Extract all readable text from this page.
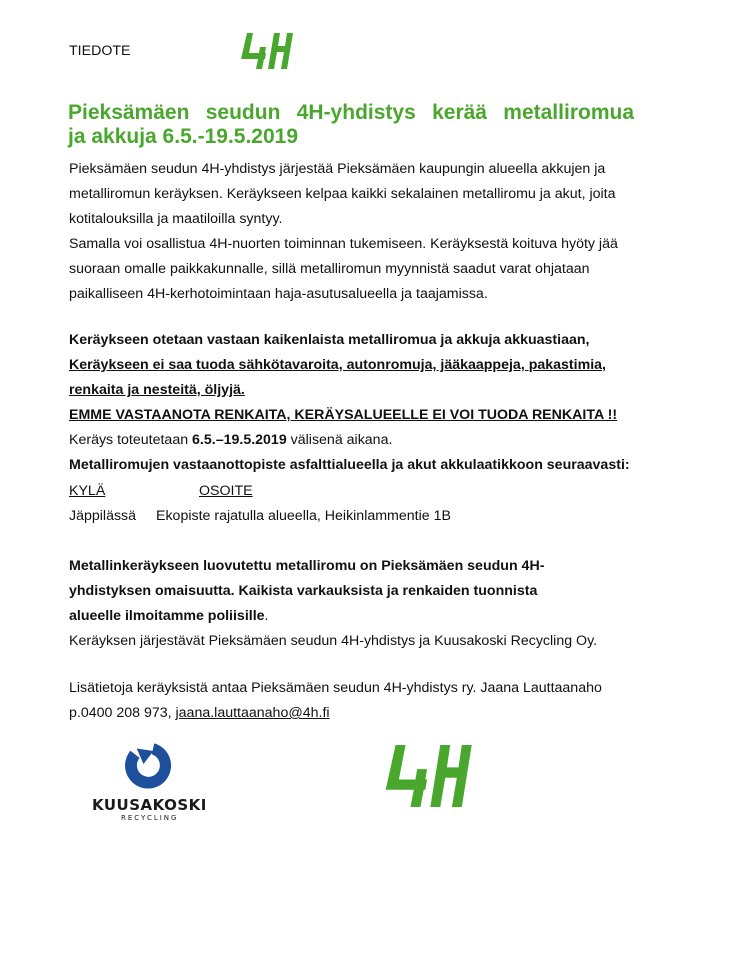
TIEDOTE
Pieksämäen seudun 4H-yhdistys kerää metalliromua
ja akkuja 6.5.-19.5.2019
Pieksämäen seudun 4H-yhdistys järjestää Pieksämäen kaupungin alueella akkujen ja
metalliromun keräyksen. Keräykseen kelpaa kaikki sekalainen metalliromu ja akut, joita
kotitalouksilla ja maatiloilla syntyy.
Samalla voi osallistua 4H-nuorten toiminnan tukemiseen. Keräyksestä koituva hyöty jää
suoraan omalle paikkakunnalle, sillä metalliromun myynnistä saadut varat ohjataan
paikalliseen 4H-kerhotoimintaan haja-asutusalueella ja taajamissa.
Keräykseen otetaan vastaan kaikenlaista metalliromua ja akkuja akkuastiaan,
Keräykseen ei saa tuoda sähkötavaroita, autonromuja, jääkaappeja, pakastimia,
renkaita ja nesteitä, öljyjä.
EMME VASTAANOTA RENKAITA, KERÄYSALUEELLE EI VOI TUODA RENKAITA !!
Keräys toteutetaan 6.5.–19.5.2019 välisenä aikana.
Metalliromujen vastaanottopiste asfalttialueella ja akut akkulaatikkoon seuraavasti:
KYLÄ	OSOITE
Jäppilässä Ekopiste rajatulla alueella, Heikinlammentie 1B
Metallinkeräykseen luovutettu metalliromu on Pieksämäen seudun 4H-
yhdistyksen omaisuutta. Kaikista varkauksista ja renkaiden tuonnista
alueelle ilmoitamme poliisille.
Keräyksen järjestävät Pieksämäen seudun 4H-yhdistys ja Kuusakoski Recycling Oy.
Lisätietoja keräyksistä antaa Pieksämäen seudun 4H-yhdistys ry. Jaana Lauttaanaho
p.0400 208 973, jaana.lauttaanaho@4h.fi
KUUSAKOSKI
RECYCLING
